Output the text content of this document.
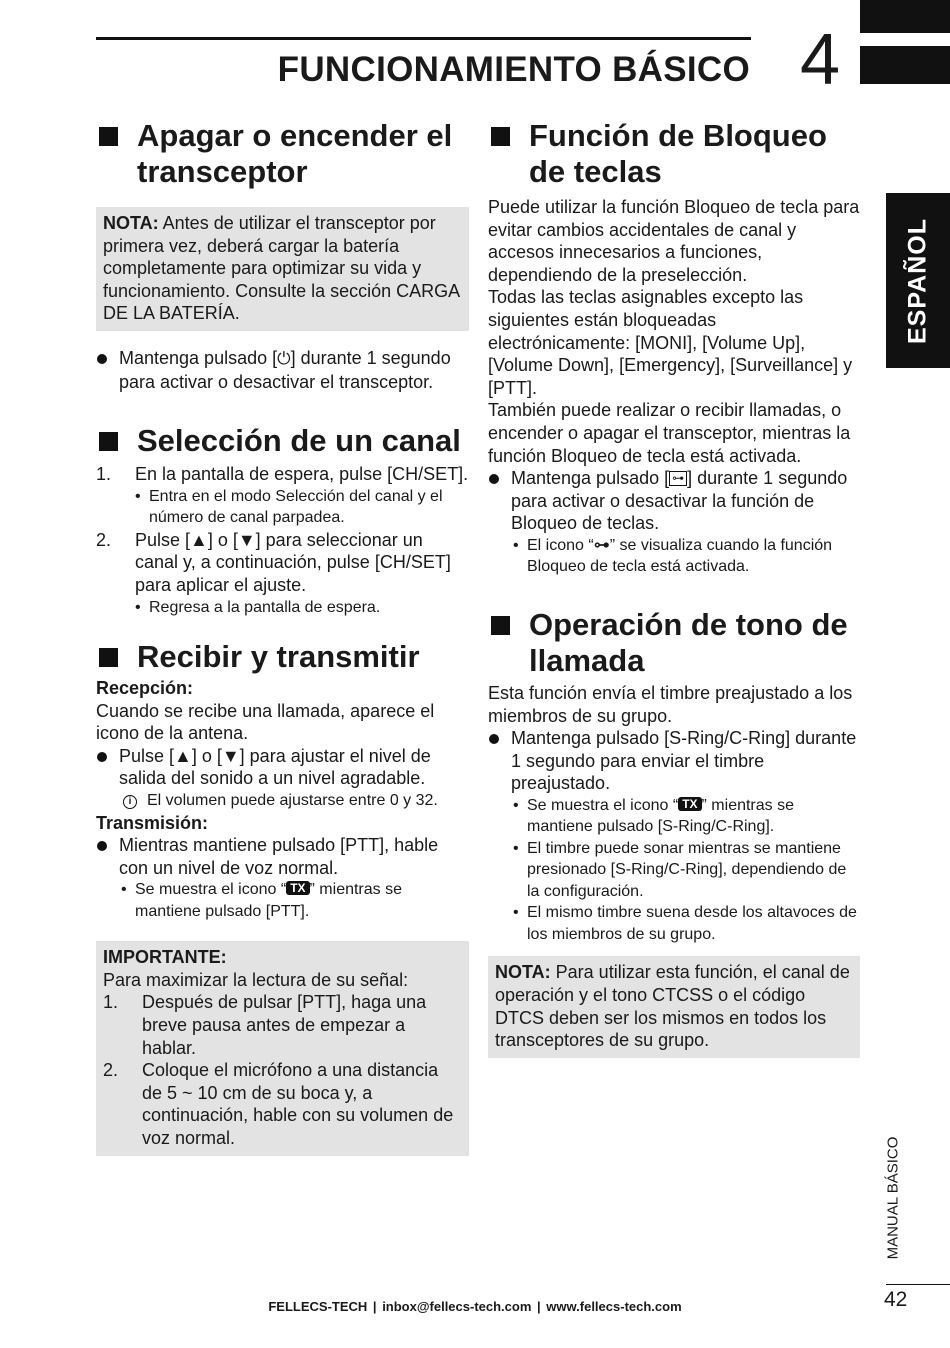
FUNCIONAMIENTO BÁSICO 4
ESPAÑOL
Apagar o encender el transceptor
NOTA: Antes de utilizar el transceptor por primera vez, deberá cargar la batería completamente para optimizar su vida y funcionamiento. Consulte la sección CARGA DE LA BATERÍA.
Mantenga pulsado [⏻] durante 1 segundo para activar o desactivar el transceptor.
Selección de un canal
1.	En la pantalla de espera, pulse [CH/SET].
• Entra en el modo Selección del canal y el número de canal parpadea.
2.	Pulse [▲] o [▼] para seleccionar un canal y, a continuación, pulse [CH/SET] para aplicar el ajuste.
• Regresa a la pantalla de espera.
Recibir y transmitir
Recepción:
Cuando se recibe una llamada, aparece el icono de la antena.
Pulse [▲] o [▼] para ajustar el nivel de salida del sonido a un nivel agradable.
i El volumen puede ajustarse entre 0 y 32.
Transmisión:
Mientras mantiene pulsado [PTT], hable con un nivel de voz normal.
• Se muestra el icono “ TX ” mientras se mantiene pulsado [PTT].
IMPORTANTE:
Para maximizar la lectura de su señal:
1.	Después de pulsar [PTT], haga una breve pausa antes de empezar a hablar.
2.	Coloque el micrófono a una distancia de 5 ~ 10 cm de su boca y, a continuación, hable con su volumen de voz normal.
Función de Bloqueo de teclas
Puede utilizar la función Bloqueo de tecla para evitar cambios accidentales de canal y accesos innecesarios a funciones, dependiendo de la preselección.
Todas las teclas asignables excepto las siguientes están bloqueadas electrónicamente: [MONI], [Volume Up], [Volume Down], [Emergency], [Surveillance] y [PTT].
También puede realizar o recibir llamadas, o encender o apagar el transceptor, mientras la función Bloqueo de tecla está activada.
Mantenga pulsado [ ⊶ ] durante 1 segundo para activar o desactivar la función de Bloqueo de teclas.
• El icono “⊶” se visualiza cuando la función Bloqueo de tecla está activada.
Operación de tono de llamada
Esta función envía el timbre preajustado a los miembros de su grupo.
Mantenga pulsado [S-Ring/C-Ring] durante 1 segundo para enviar el timbre preajustado.
• Se muestra el icono “ TX ” mientras se mantiene pulsado [S-Ring/C-Ring].
• El timbre puede sonar mientras se mantiene presionado [S-Ring/C-Ring], dependiendo de la configuración.
• El mismo timbre suena desde los altavoces de los miembros de su grupo.
NOTA: Para utilizar esta función, el canal de operación y el tono CTCSS o el código DTCS deben ser los mismos en todos los transceptores de su grupo.
MANUAL BÁSICO
42
FELLECS-TECH | inbox@fellecs-tech.com | www.fellecs-tech.com
